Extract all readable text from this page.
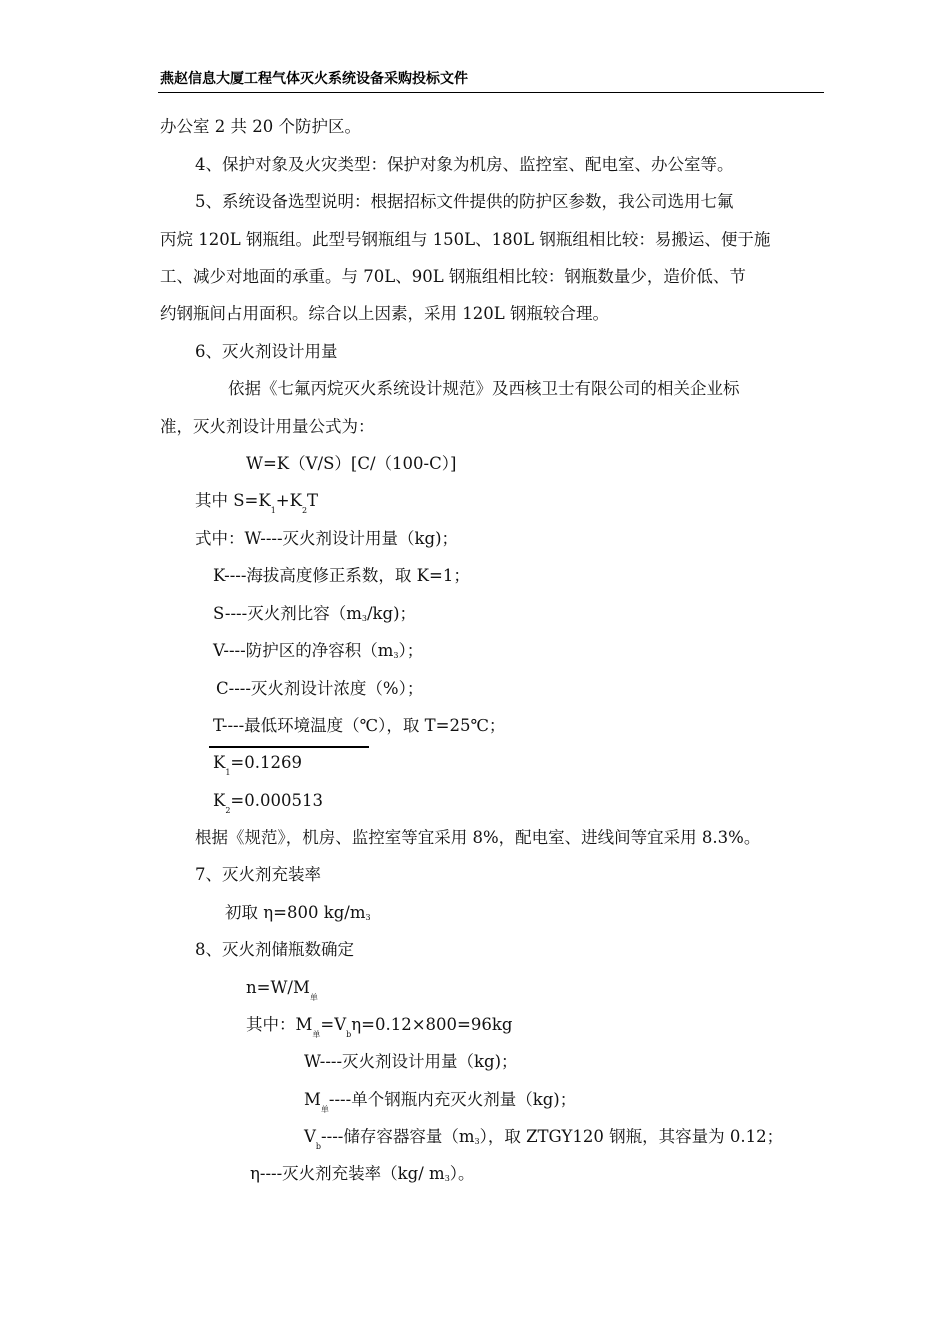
燕赵信息大厦工程气体灭火系统设备采购投标文件
办公室 2 共 20 个防护区。
4、保护对象及火灾类型：保护对象为机房、监控室、配电室、办公室等。
5、系统设备选型说明：根据招标文件提供的防护区参数，我公司选用七氟
丙烷 120L 钢瓶组。此型号钢瓶组与 150L、180L 钢瓶组相比较：易搬运、便于施
工、减少对地面的承重。与 70L、90L 钢瓶组相比较：钢瓶数量少，造价低、节
约钢瓶间占用面积。综合以上因素，采用 120L 钢瓶较合理。
6、灭火剂设计用量
依据《七氟丙烷灭火系统设计规范》及西核卫士有限公司的相关企业标
准，灭火剂设计用量公式为：
W=K（V/S）[C/（100-C）]
其中 $S=K_1+K_2T$
式中：W----灭火剂设计用量（kg)；
K----海拔高度修正系数，取 K=1；
S----灭火剂比容（m3/kg)；
V----防护区的净容积（m3）；
C----灭火剂设计浓度（%）；
T----最低环境温度（℃），取 T=25℃；
$K_1=0.1269$
$K_2=0.000513$
根据《规范》，机房、监控室等宜采用 8%，配电室、进线间等宜采用 8.3%。
7、灭火剂充装率
初取 η=800 kg/m3
8、灭火剂储瓶数确定
$n=W/M_单$
其中：$M_单=V_b\eta=0.12\times 800=96kg$
W----灭火剂设计用量（kg)；
$M_单----$单个钢瓶内充灭火剂量（kg)；
$V_b----$储存容器容量（m3），取 ZTGY120 钢瓶，其容量为 0.12；
η----灭火剂充装率（kg/ m3）。
